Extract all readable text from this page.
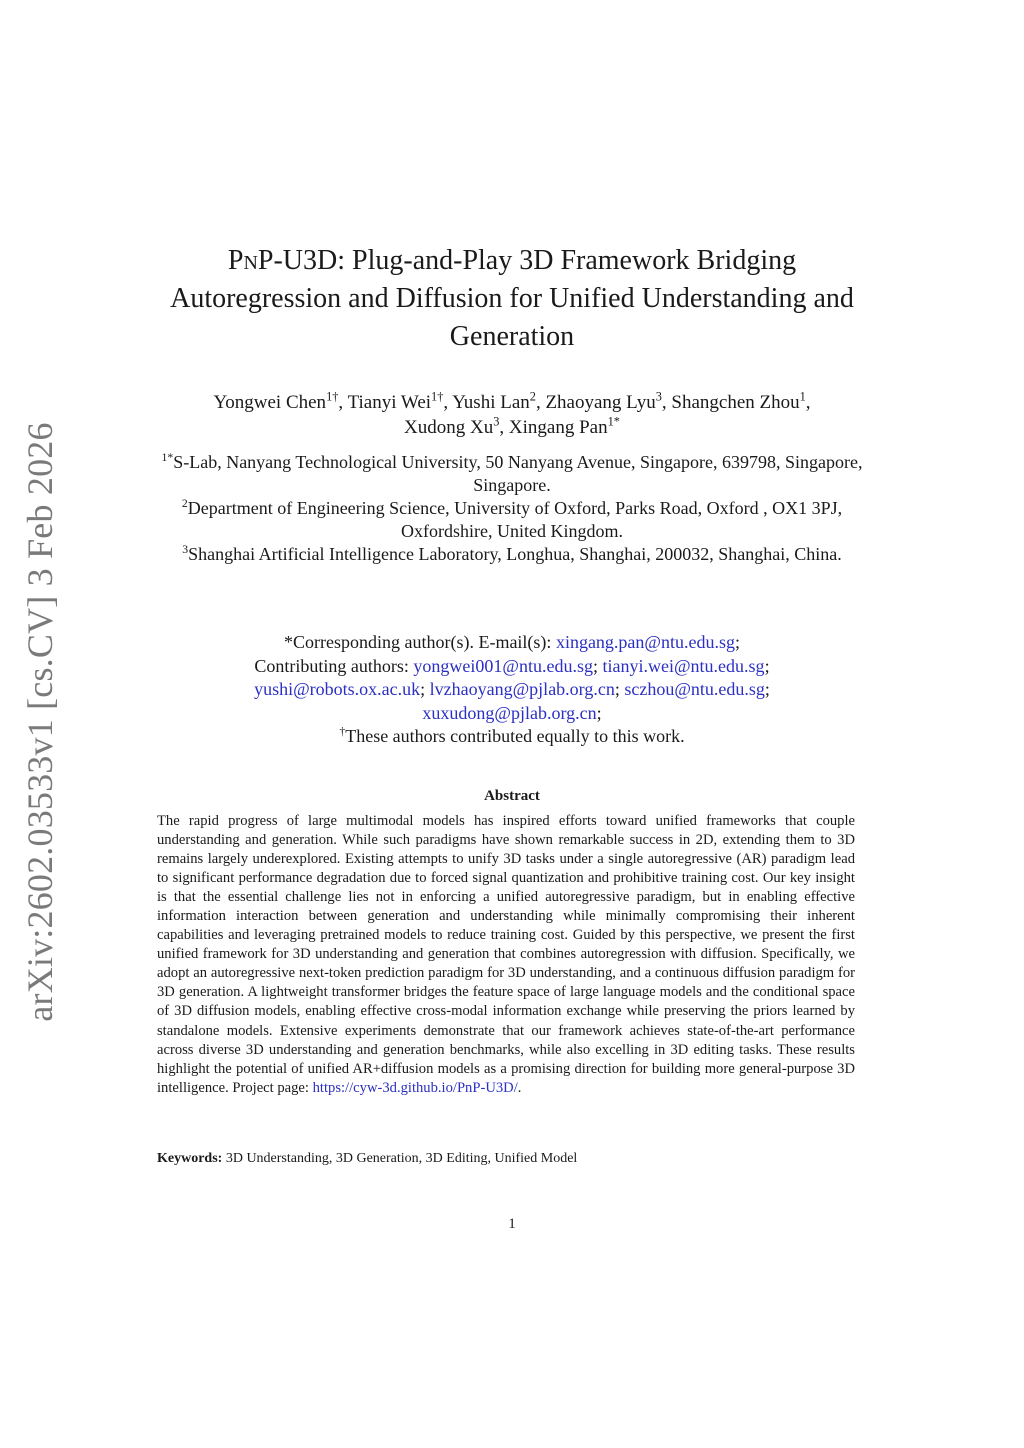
arXiv:2602.03533v1 [cs.CV] 3 Feb 2026
PnP-U3D: Plug-and-Play 3D Framework Bridging
Autoregression and Diffusion for Unified Understanding and
Generation
Yongwei Chen$^{1\dagger}$, Tianyi Wei$^{1\dagger}$, Yushi Lan$^2$, Zhaoyang Lyu$^3$, Shangchen Zhou$^1$,
Xudong Xu$^3$, Xingang Pan$^{1*}$

$^{1*}$S-Lab, Nanyang Technological University, 50 Nanyang Avenue, Singapore, 639798, Singapore, Singapore.

$^2$Department of Engineering Science, University of Oxford, Parks Road, Oxford , OX1 3PJ, Oxfordshire, United Kingdom.

$^3$Shanghai Artificial Intelligence Laboratory, Longhua, Shanghai, 200032, Shanghai, China.

*Corresponding author(s). E-mail(s): xingang.pan@ntu.edu.sg;

Contributing authors: yongwei001@ntu.edu.sg; tianyi.wei@ntu.edu.sg;

yushi@robots.ox.ac.uk; lvzhaoyang@pjlab.org.cn; sczhou@ntu.edu.sg;

xuxudong@pjlab.org.cn;

†These authors contributed equally to this work.

Abstract

The rapid progress of large multimodal models has inspired efforts toward unified frameworks that couple understanding and generation. While such paradigms have shown remarkable success in 2D, extending them to 3D remains largely underexplored. Existing attempts to unify 3D tasks under a single autoregressive (AR) paradigm lead to significant performance degradation due to forced signal quantization and prohibitive training cost. Our key insight is that the essential challenge lies not in enforcing a unified autoregressive paradigm, but in enabling effective information interaction between generation and understanding while minimally compromising their inherent capabilities and leveraging pretrained models to reduce training cost. Guided by this perspective, we present the first unified framework for 3D understanding and generation that combines autoregression with diffusion. Specifically, we adopt an autoregressive next-token prediction paradigm for 3D understanding, and a continuous diffusion paradigm for 3D generation. A lightweight transformer bridges the feature space of large language models and the conditional space of 3D diffusion models, enabling effective cross-modal information exchange while preserving the priors learned by standalone models. Extensive experiments demonstrate that our framework achieves state-of-the-art performance across diverse 3D understanding and generation benchmarks, while also excelling in 3D editing tasks. These results highlight the potential of unified AR+diffusion models as a promising direction for building more general-purpose 3D intelligence. Project page: https://cyw-3d.github.io/PnP-U3D/.

Keywords: 3D Understanding, 3D Generation, 3D Editing, Unified Model

1
